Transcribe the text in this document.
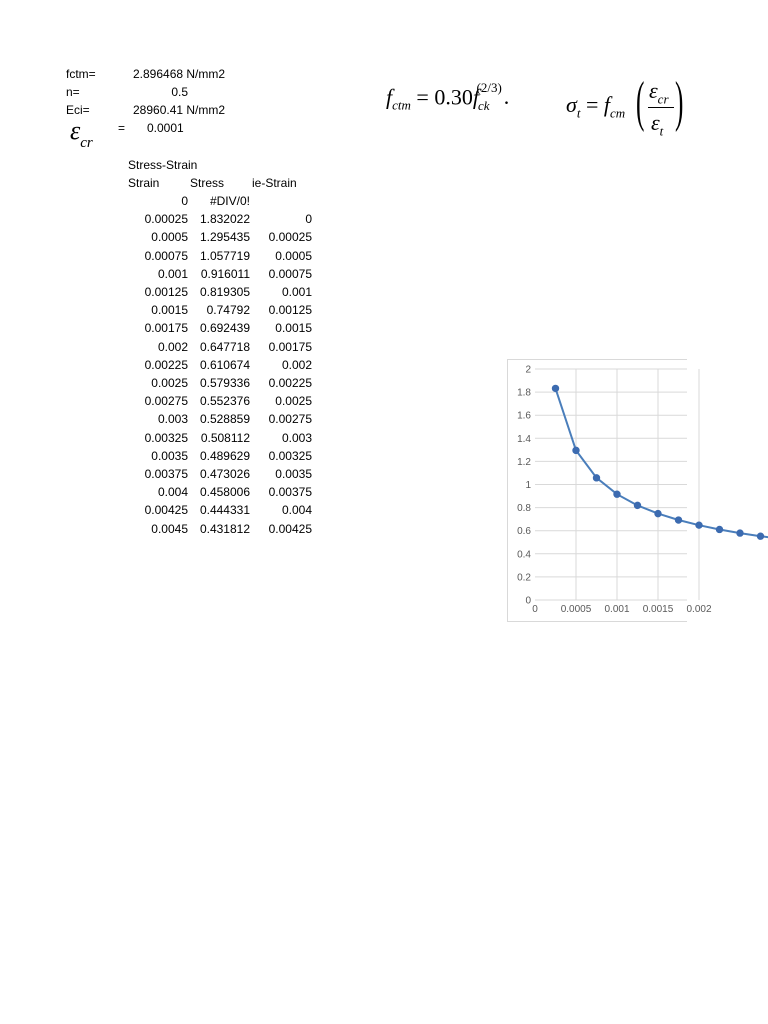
fctm=	2.896468 N/mm2
n=	0.5
Eci=	28960.41 N/mm2
$\varepsilon_{cr}$
= 0.0001
$f_{ctm} = 0.30f_{ck}^{(2/3)}$.	$\sigma_t = f_{cm}$ ( )
$\varepsilon_{cr}$
$\varepsilon_t$
Stress-Strain
Strain	Stress ie-Strain
0	#DIV/0!
0.00025 1.832022	0
0.0005 1.295435	0.00025
0.00075 1.057719	0.0005
0.001	0.916011	0.00075
0.00125 0.819305	0.001
0.0015	0.74792	0.00125
0.00175 0.692439	0.0015
0.002 0.647718	0.00175
0.00225 0.610674	0.002
0.0025 0.579336	0.00225
0.00275 0.552376	0.0025
0.003 0.528859	0.00275
0.00325	0.508112	0.003
0.0035 0.489629	0.00325
0.00375 0.473026	0.0035
0.004 0.458006	0.00375
0.00425 0.444331	0.004
0.0045 0.431812	0.00425
0
0.2
0.4
0.6
0.8
1
1.2
1.4
1.6
1.8
2
0 0.0005 0.001 0.0015 0.002
